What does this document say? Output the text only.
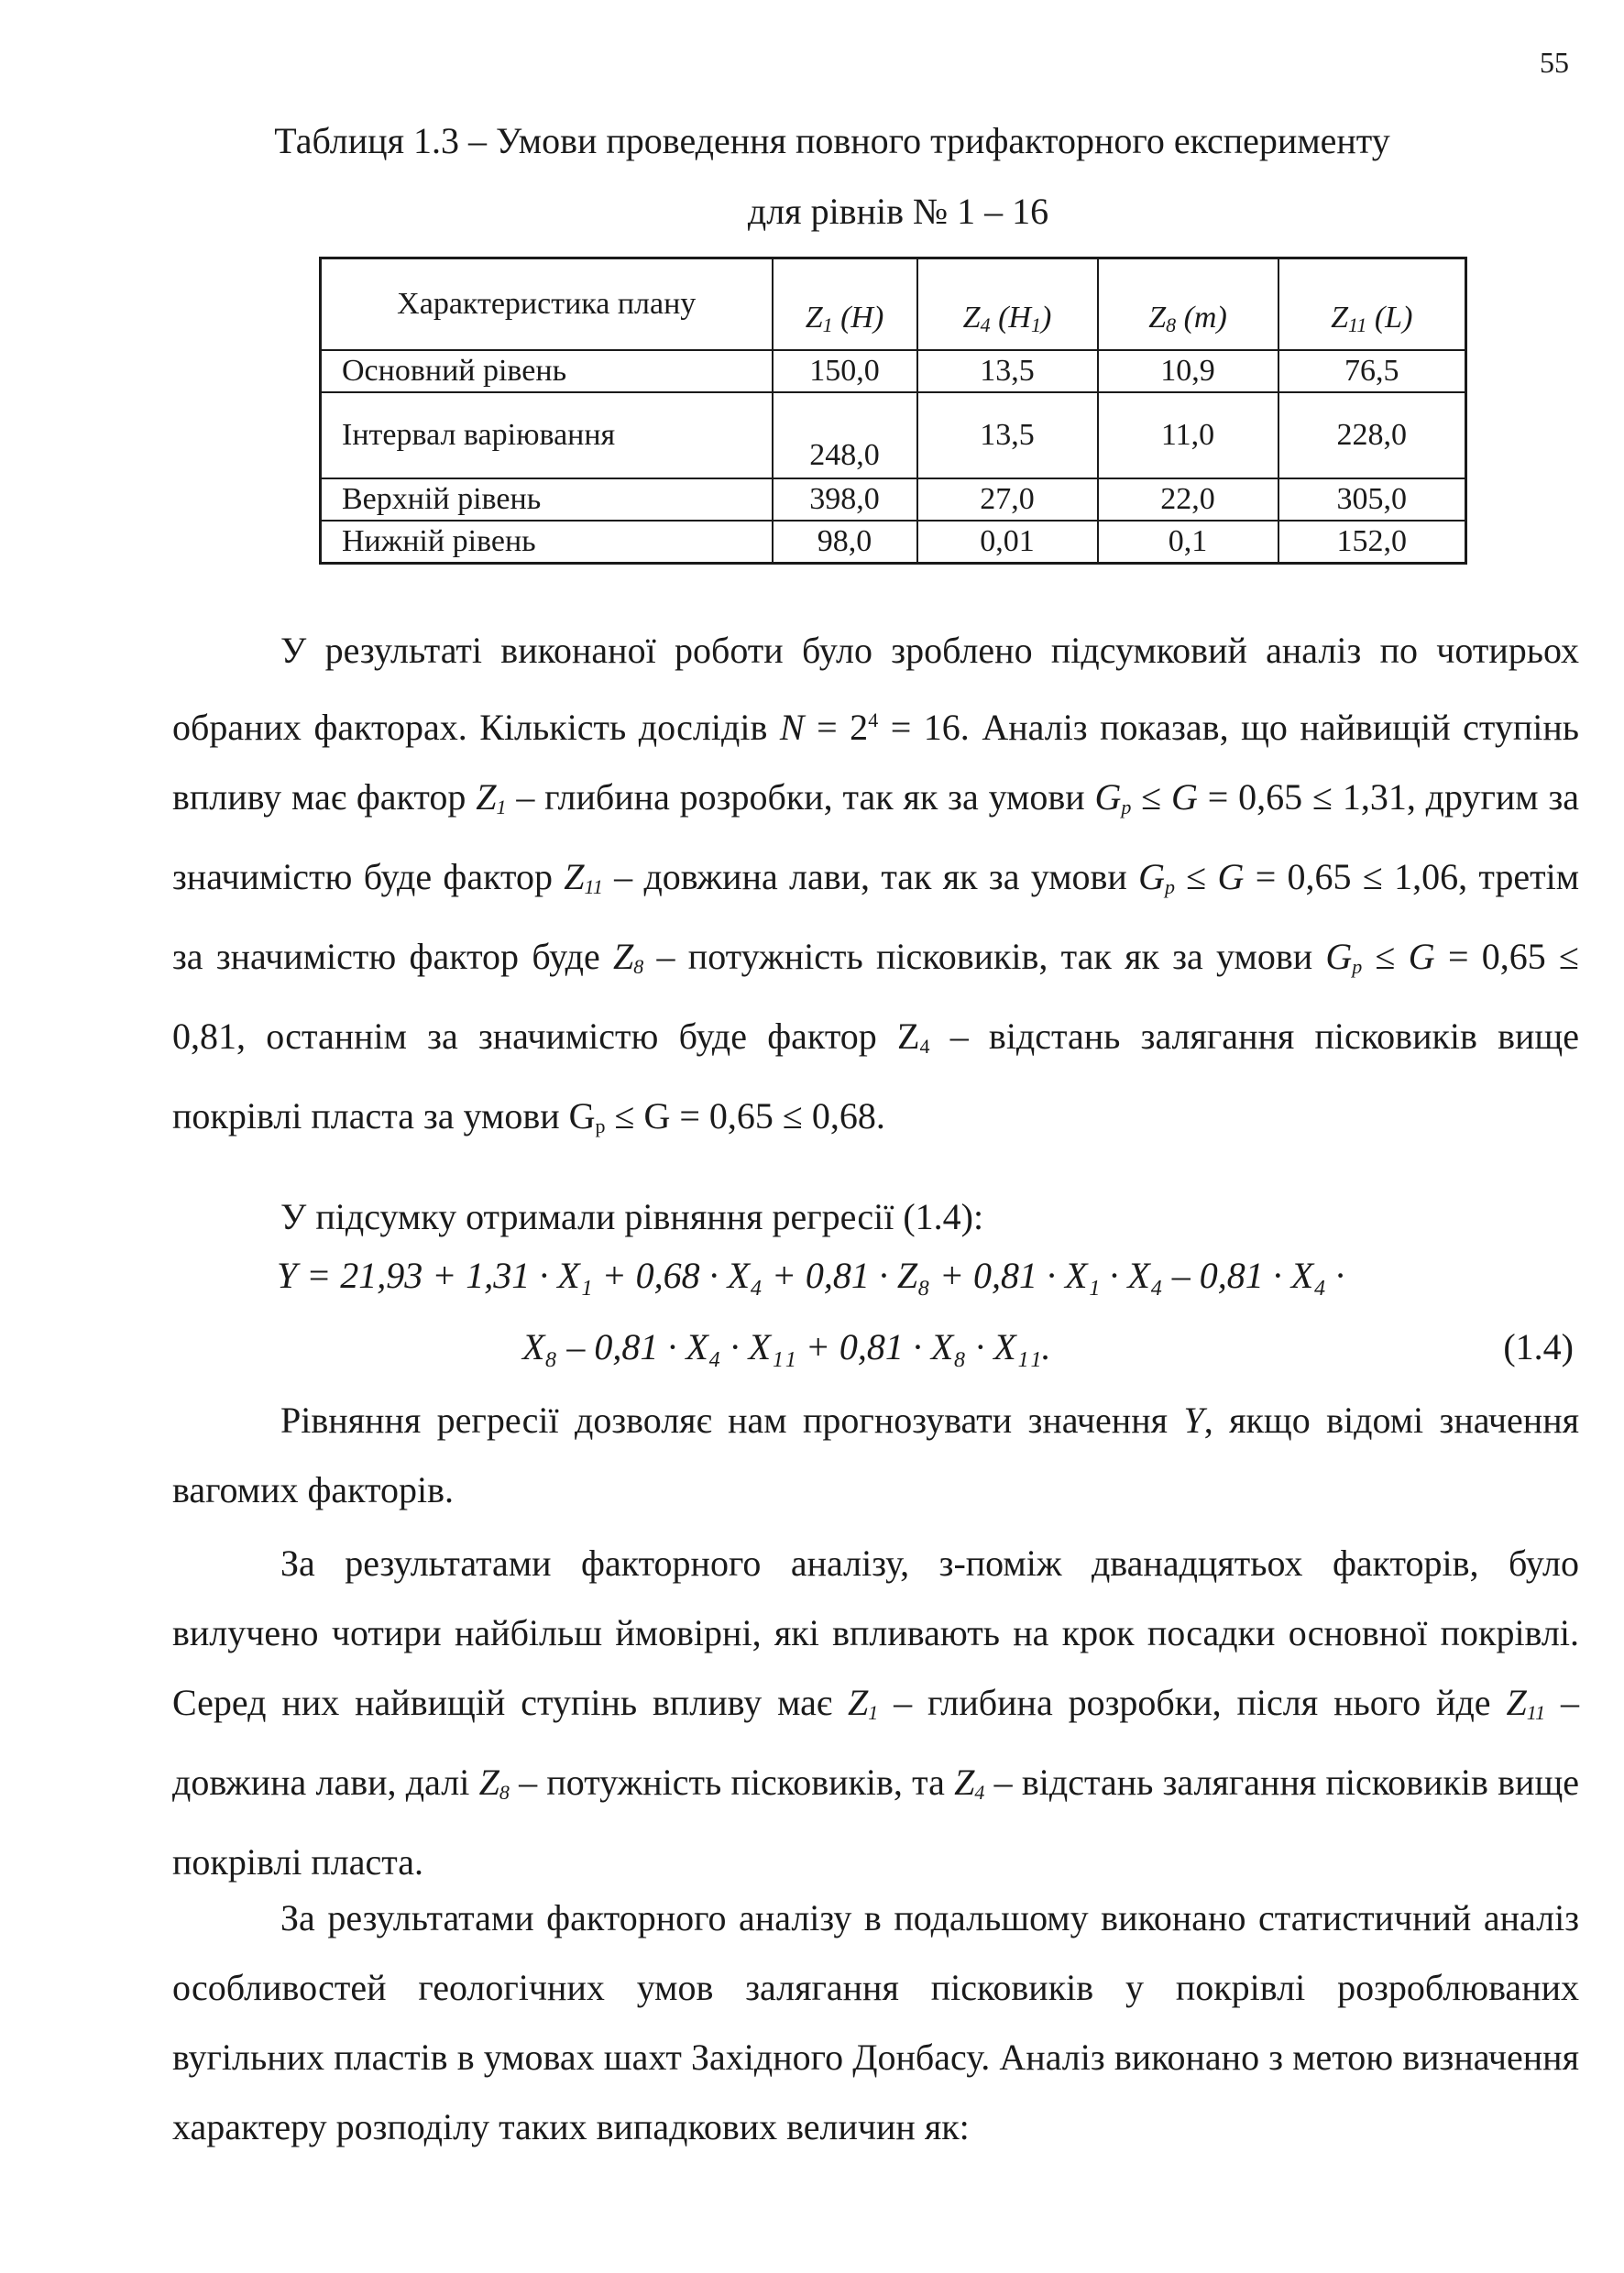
55
Таблиця 1.3 – Умови проведення повного трифакторного експерименту
для рівнів № 1 – 16
Характеристика плану	$Z_1$ (H)	$Z_4$ $(H_1)$	$Z_8$ (m)	$Z_{11}$ (L)
Основний рівень	150,0	13,5	10,9	76,5
Інтервал варіювання	248,0	13,5	11,0	228,0
Верхній рівень	398,0	27,0	22,0	305,0
Нижній рівень	98,0	0,01	0,1	152,0

У результаті виконаної роботи було зроблено підсумковий аналіз по чотирьох обраних факторах. Кількість дослідів $N = 2^4 = 16$. Аналіз показав, що найвищій ступінь впливу має фактор $Z_1$ – глибина розробки, так як за умови $G_p \le G = 0,65 \le 1,31$, другим за значимістю буде фактор $Z_{11}$ – довжина лави, так як за умови $G_p \le G = 0,65 \le 1,06$, третім за значимістю фактор буде $Z_8$ – потужність пісковиків, так як за умови $G_p \le G = 0,65 \le 0,81$, останнім за значимістю буде фактор $Z_4$ – відстань залягання пісковиків вище покрівлі пласта за умови $G_p \le G = 0,65 \le 0,68$.

У підсумку отримали рівняння регресії (1.4):

Y = 21,93 + 1,31 · X₁ + 0,68 · X₄ + 0,81 · Z₈ + 0,81 · X₁ · X₄ – 0,81 · X₄ ·
X₈ – 0,81 · X₄ · X₁₁ + 0,81 · X₈ · X₁₁.	(1.4)

Рівняння регресії дозволяє нам прогнозувати значення Y, якщо відомі значення вагомих факторів.

За результатами факторного аналізу, з-поміж дванадцятьох факторів, було вилучено чотири найбільш ймовірні, які впливають на крок посадки основної покрівлі. Серед них найвищій ступінь впливу має $Z_1$ – глибина розробки, після нього йде $Z_{11}$ – довжина лави, далі $Z_8$ – потужність пісковиків, та $Z_4$ – відстань залягання пісковиків вище покрівлі пласта.

За результатами факторного аналізу в подальшому виконано статистичний аналіз особливостей геологічних умов залягання пісковиків у покрівлі розроблюваних вугільних пластів в умовах шахт Західного Донбасу. Аналіз виконано з метою визначення характеру розподілу таких випадкових величин як:
